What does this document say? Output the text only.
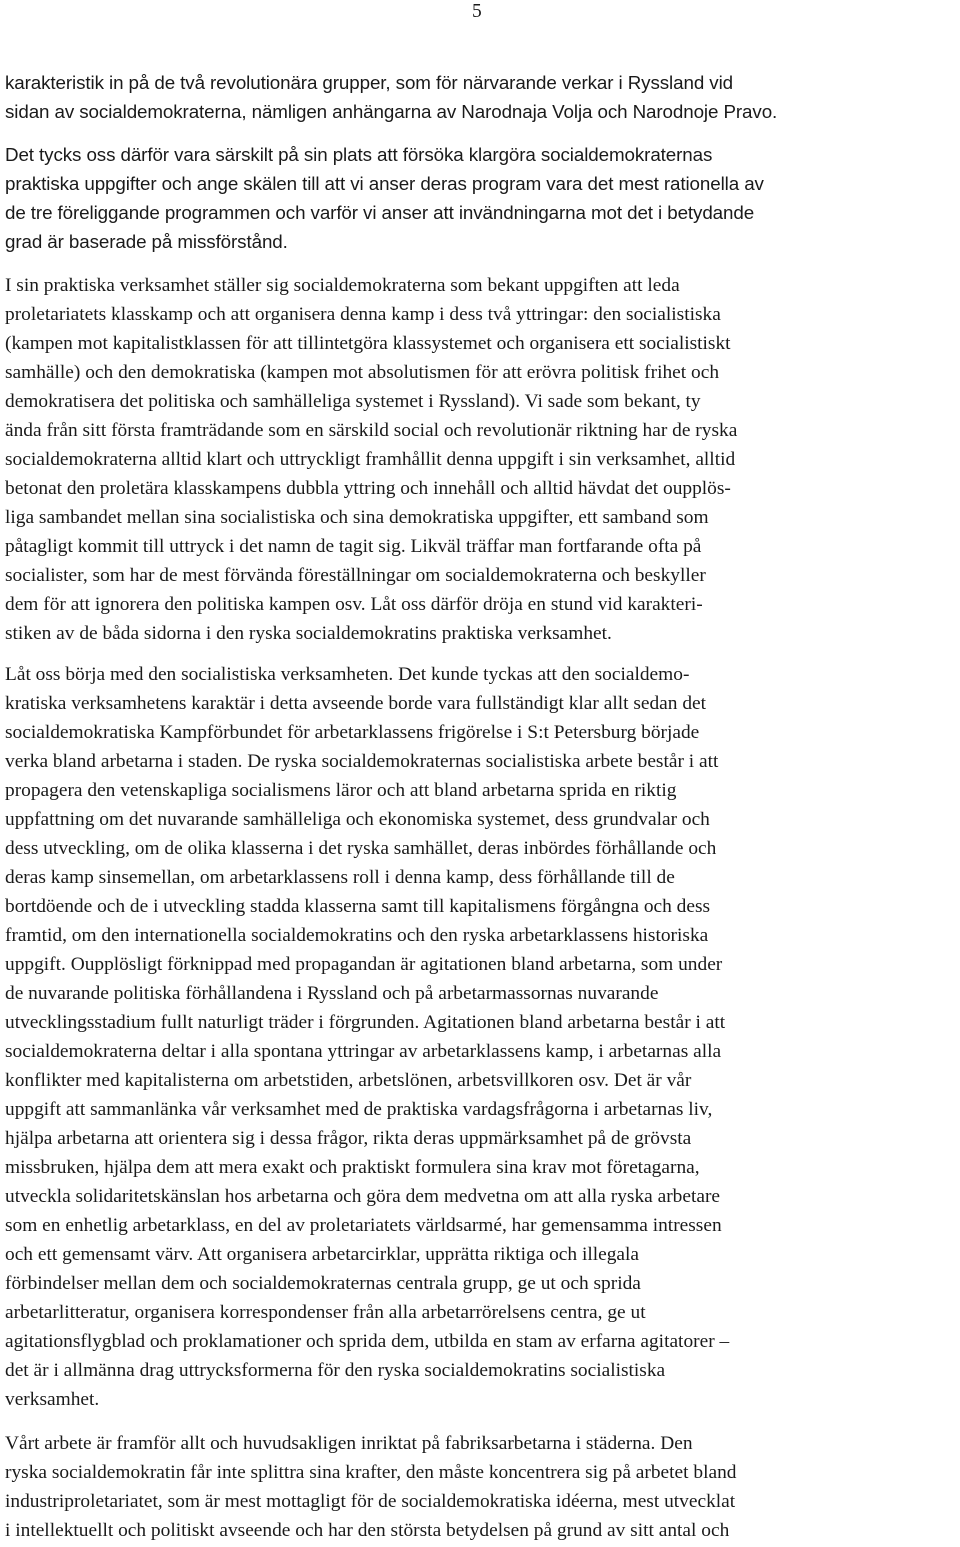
5
karakteristik in på de två revolutionära grupper, som för närvarande verkar i Ryssland vid
sidan av socialdemokraterna, nämligen anhängarna av Narodnaja Volja och Narodnoje Pravo.
Det tycks oss därför vara särskilt på sin plats att försöka klargöra socialdemokraternas
praktiska uppgifter och ange skälen till att vi anser deras program vara det mest rationella av
de tre föreliggande programmen och varför vi anser att invändningarna mot det i betydande
grad är baserade på missförstånd.
I sin praktiska verksamhet ställer sig socialdemokraterna som bekant uppgiften att leda
proletariatets klasskamp och att organisera denna kamp i dess två yttringar: den socialistiska
(kampen mot kapitalistklassen för att tillintetgöra klassystemet och organisera ett socialistiskt
samhälle) och den demokratiska (kampen mot absolutismen för att erövra politisk frihet och
demokratisera det politiska och samhälleliga systemet i Ryssland). Vi sade som bekant, ty
ända från sitt första framträdande som en särskild social och revolutionär riktning har de ryska
socialdemokraterna alltid klart och uttryckligt framhållit denna uppgift i sin verksamhet, alltid
betonat den proletära klasskampens dubbla yttring och innehåll och alltid hävdat det oupplös-
liga sambandet mellan sina socialistiska och sina demokratiska uppgifter, ett samband som
påtagligt kommit till uttryck i det namn de tagit sig. Likväl träffar man fortfarande ofta på
socialister, som har de mest förvända föreställningar om socialdemokraterna och beskyller
dem för att ignorera den politiska kampen osv. Låt oss därför dröja en stund vid karakteri-
stiken av de båda sidorna i den ryska socialdemokratins praktiska verksamhet.
Låt oss börja med den socialistiska verksamheten. Det kunde tyckas att den socialdemo-
kratiska verksamhetens karaktär i detta avseende borde vara fullständigt klar allt sedan det
socialdemokratiska Kampförbundet för arbetarklassens frigörelse i S:t Petersburg började
verka bland arbetarna i staden. De ryska socialdemokraternas socialistiska arbete består i att
propagera den vetenskapliga socialismens läror och att bland arbetarna sprida en riktig
uppfattning om det nuvarande samhälleliga och ekonomiska systemet, dess grundvalar och
dess utveckling, om de olika klasserna i det ryska samhället, deras inbördes förhållande och
deras kamp sinsemellan, om arbetarklassens roll i denna kamp, dess förhållande till de
bortdöende och de i utveckling stadda klasserna samt till kapitalismens förgångna och dess
framtid, om den internationella socialdemokratins och den ryska arbetarklassens historiska
uppgift. Oupplösligt förknippad med propagandan är agitationen bland arbetarna, som under
de nuvarande politiska förhållandena i Ryssland och på arbetarmassornas nuvarande
utvecklingsstadium fullt naturligt träder i förgrunden. Agitationen bland arbetarna består i att
socialdemokraterna deltar i alla spontana yttringar av arbetarklassens kamp, i arbetarnas alla
konflikter med kapitalisterna om arbetstiden, arbetslönen, arbetsvillkoren osv. Det är vår
uppgift att sammanlänka vår verksamhet med de praktiska vardagsfrågorna i arbetarnas liv,
hjälpa arbetarna att orientera sig i dessa frågor, rikta deras uppmärksamhet på de grövsta
missbruken, hjälpa dem att mera exakt och praktiskt formulera sina krav mot företagarna,
utveckla solidaritetskänslan hos arbetarna och göra dem medvetna om att alla ryska arbetare
som en enhetlig arbetarklass, en del av proletariatets världsarmé, har gemensamma intressen
och ett gemensamt värv. Att organisera arbetarcirklar, upprätta riktiga och illegala
förbindelser mellan dem och socialdemokraternas centrala grupp, ge ut och sprida
arbetarlitteratur, organisera korrespondenser från alla arbetarrörelsens centra, ge ut
agitationsflygblad och proklamationer och sprida dem, utbilda en stam av erfarna agitatorer –
det är i allmänna drag uttrycksformerna för den ryska socialdemokratins socialistiska
verksamhet.
Vårt arbete är framför allt och huvudsakligen inriktat på fabriksarbetarna i städerna. Den
ryska socialdemokratin får inte splittra sina krafter, den måste koncentrera sig på arbetet bland
industriproletariatet, som är mest mottagligt för de socialdemokratiska idéerna, mest utvecklat
i intellektuellt och politiskt avseende och har den största betydelsen på grund av sitt antal och
